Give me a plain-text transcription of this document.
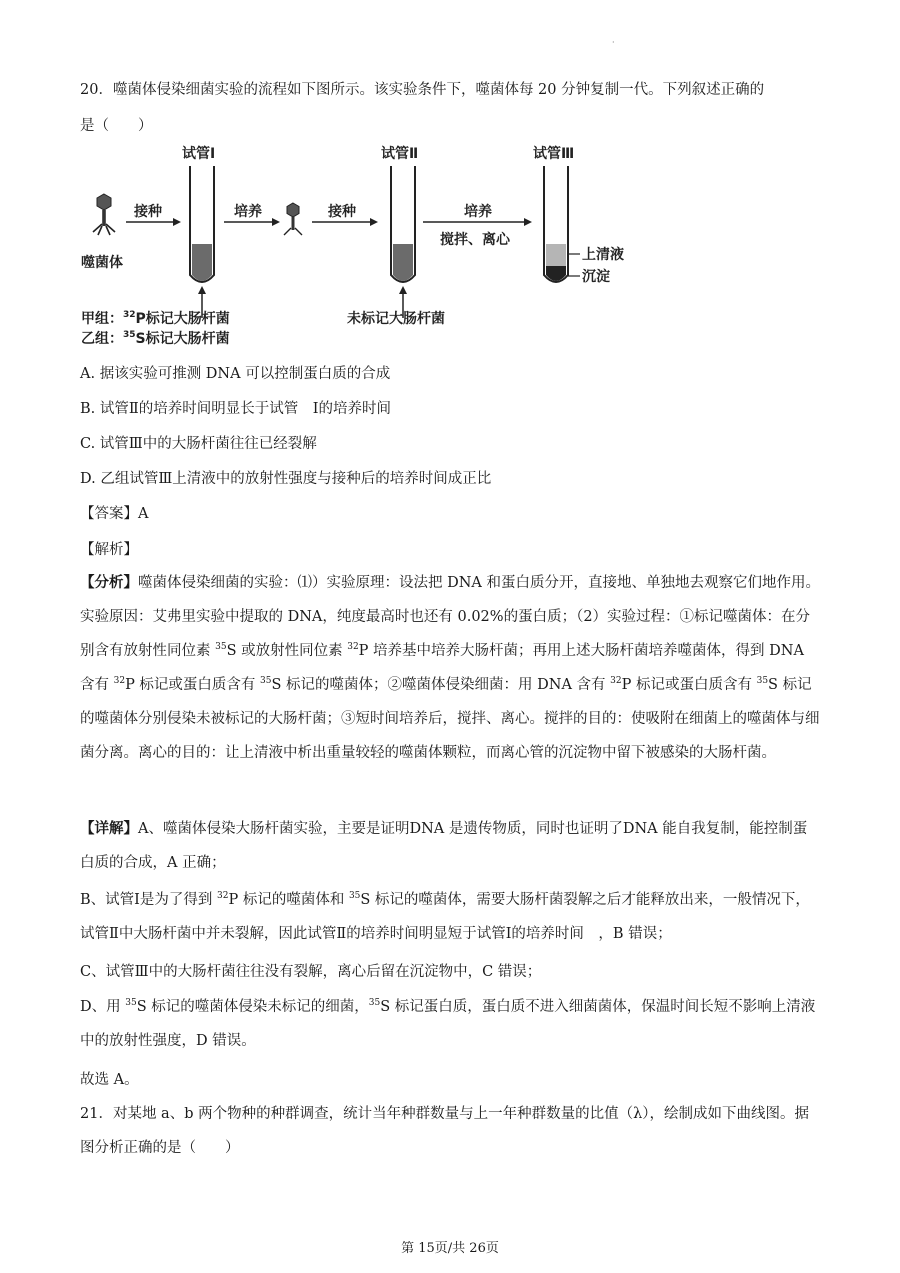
·
20．噬菌体侵染细菌实验的流程如下图所示。该实验条件下，噬菌体每 20 分钟复制一代。下列叙述正确的
是（　　）
试管Ⅰ	试管Ⅱ	试管Ⅲ
噬菌体
接种	培养	接种	培养
搅拌、离心
上清液
沉淀
甲组：$^{32}$P标记大肠杆菌
乙组：$^{35}$S标记大肠杆菌
未标记大肠杆菌
A. 据该实验可推测 DNA 可以控制蛋白质的合成
B. 试管Ⅱ的培养时间明显长于试管　Ⅰ的培养时间
C. 试管Ⅲ中的大肠杆菌往往已经裂解
D. 乙组试管Ⅲ上清液中的放射性强度与接种后的培养时间成正比
【答案】A
【解析】
【分析】噬菌体侵染细菌的实验：⑴）实验原理：设法把 DNA 和蛋白质分开，直接地、单独地去观察它们地作用。实验原因：艾弗里实验中提取的 DNA，纯度最高时也还有 0.02%的蛋白质；（2）实验过程：①标记噬菌体：在分别含有放射性同位素 $^{35}$S 或放射性同位素 $^{32}$P 培养基中培养大肠杆菌；再用上述大肠杆菌培养噬菌体，得到 DNA 含有 $^{32}$P 标记或蛋白质含有 $^{35}$S 标记的噬菌体；②噬菌体侵染细菌：用 DNA 含有 $^{32}$P 标记或蛋白质含有 $^{35}$S 标记的噬菌体分别侵染未被标记的大肠杆菌；③短时间培养后，搅拌、离心。搅拌的目的：使吸附在细菌上的噬菌体与细菌分离。离心的目的：让上清液中析出重量较轻的噬菌体颗粒，而离心管的沉淀物中留下被感染的大肠杆菌。
【详解】A、噬菌体侵染大肠杆菌实验，主要是证明DNA 是遗传物质，同时也证明了DNA 能自我复制，能控制蛋白质的合成，A 正确；
B、试管Ⅰ是为了得到 $^{32}$P 标记的噬菌体和 $^{35}$S 标记的噬菌体，需要大肠杆菌裂解之后才能释放出来，一般情况下，试管Ⅱ中大肠杆菌中并未裂解，因此试管Ⅱ的培养时间明显短于试管Ⅰ的培养时间　，B 错误；
C、试管Ⅲ中的大肠杆菌往往没有裂解，离心后留在沉淀物中，C 错误；
D、用 $^{35}$S 标记的噬菌体侵染未标记的细菌，$^{35}$S 标记蛋白质，蛋白质不进入细菌菌体，保温时间长短不影响上清液中的放射性强度，D 错误。
故选 A。
21．对某地 a、b 两个物种的种群调查，统计当年种群数量与上一年种群数量的比值（λ），绘制成如下曲线图。据图分析正确的是（　　）
第 15页/共 26页
